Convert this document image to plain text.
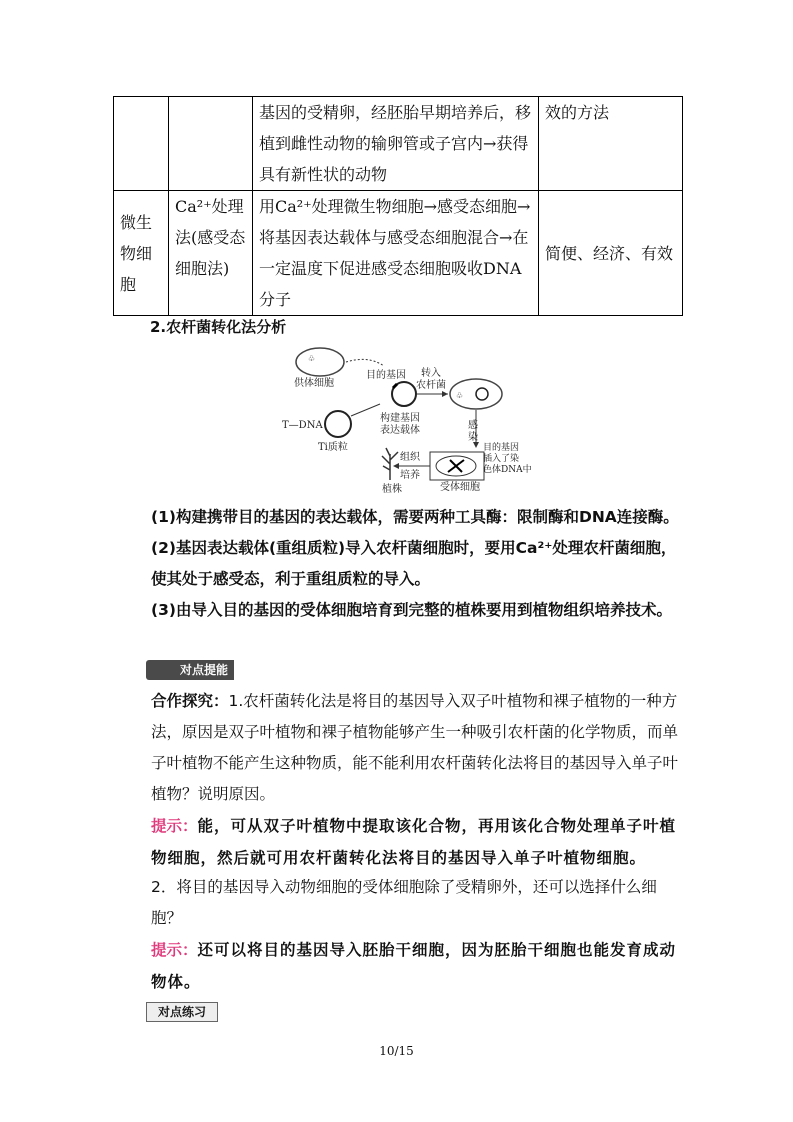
		基因的受精卵，经胚胎早期培养后，移植到雌性动物的输卵管或子宫内→获得具有新性状的动物	效的方法
微生物细胞	Ca²⁺处理法(感受态细胞法)	用Ca²⁺处理微生物细胞→感受态细胞→将基因表达载体与感受态细胞混合→在一定温度下促进感受态细胞吸收DNA分子	简便、经济、有效
2.农杆菌转化法分析
♧
供体细胞
目的基因 转入
农杆菌
♧
构建基因
表达载体
T—DNA
Ti质粒
感
染
目的基因
插入了染
色体DNA中
受体细胞
组织
培养
植株
(1)构建携带目的基因的表达载体，需要两种工具酶：限制酶和DNA连接酶。
(2)基因表达载体(重组质粒)导入农杆菌细胞时，要用Ca²⁺处理农杆菌细胞，使其处于感受态，利于重组质粒的导入。
(3)由导入目的基因的受体细胞培育到完整的植株要用到植物组织培养技术。
对点提能
合作探究：1.农杆菌转化法是将目的基因导入双子叶植物和裸子植物的一种方法，原因是双子叶植物和裸子植物能够产生一种吸引农杆菌的化学物质，而单子叶植物不能产生这种物质，能不能利用农杆菌转化法将目的基因导入单子叶植物？说明原因。
提示：能，可从双子叶植物中提取该化合物，再用该化合物处理单子叶植物细胞，然后就可用农杆菌转化法将目的基因导入单子叶植物细胞。
2．将目的基因导入动物细胞的受体细胞除了受精卵外，还可以选择什么细胞？
提示：还可以将目的基因导入胚胎干细胞，因为胚胎干细胞也能发育成动物体。
对点练习
10/15
